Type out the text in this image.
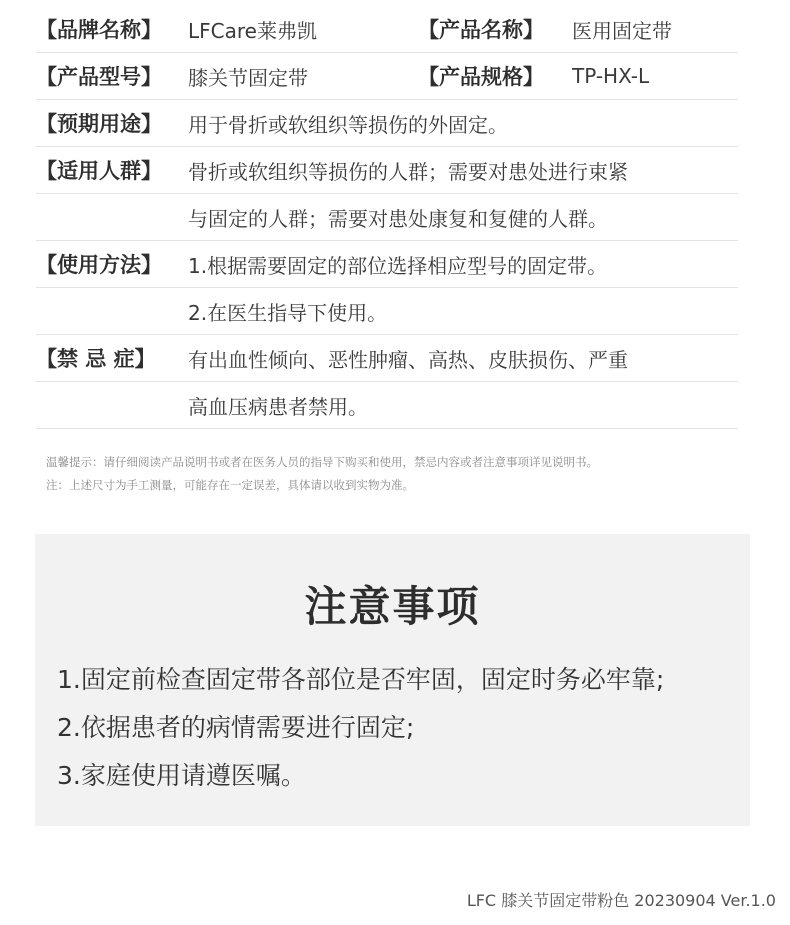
【品牌名称】	LFCare莱弗凯	【产品名称】	医用固定带
【产品型号】	膝关节固定带	【产品规格】	TP-HX-L
【预期用途】	用于骨折或软组织等损伤的外固定。
【适用人群】	骨折或软组织等损伤的人群；需要对患处进行束紧
与固定的人群；需要对患处康复和复健的人群。
【使用方法】	1.根据需要固定的部位选择相应型号的固定带。
2.在医生指导下使用。
【禁 忌 症】	有出血性倾向、恶性肿瘤、高热、皮肤损伤、严重
高血压病患者禁用。
温馨提示：请仔细阅读产品说明书或者在医务人员的指导下购买和使用，禁忌内容或者注意事项详见说明书。
注：上述尺寸为手工测量，可能存在一定误差，具体请以收到实物为准。
注意事项
1.固定前检查固定带各部位是否牢固，固定时务必牢靠;
2.依据患者的病情需要进行固定;
3.家庭使用请遵医嘱。
LFC 膝关节固定带粉色 20230904 Ver.1.0
